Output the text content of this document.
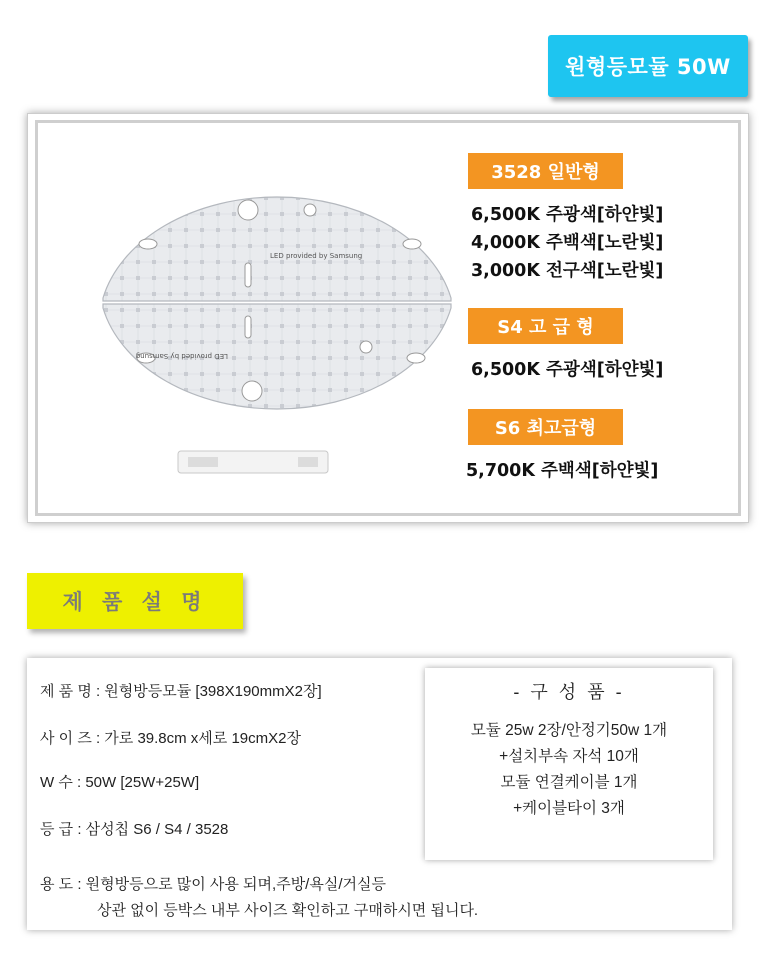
원형등모듈 50W
LED provided by Samsung
LED provided by Samsung
3528 일반형
6,500K 주광색[하얀빛]
4,000K 주백색[노란빛]
3,000K 전구색[노란빛]
S4 고 급 형
6,500K 주광색[하얀빛]
S6 최고급형
5,700K 주백색[하얀빛]
제 품 설 명
제 품 명 : 원형방등모듈 [398X190mmX2장]
사 이 즈 : 가로 39.8cm x세로 19cmX2장
W 수 : 50W [25W+25W]
등 급 : 삼성칩 S6 / S4 / 3528
용 도 : 원형방등으로 많이 사용 되며,주방/욕실/거실등
상관 없이 등박스 내부 사이즈 확인하고 구매하시면 됩니다.
- 구 성 품 -
모듈 25w 2장/안정기50w 1개
+설치부속 자석 10개
모듈 연결케이블 1개
+케이블타이 3개
